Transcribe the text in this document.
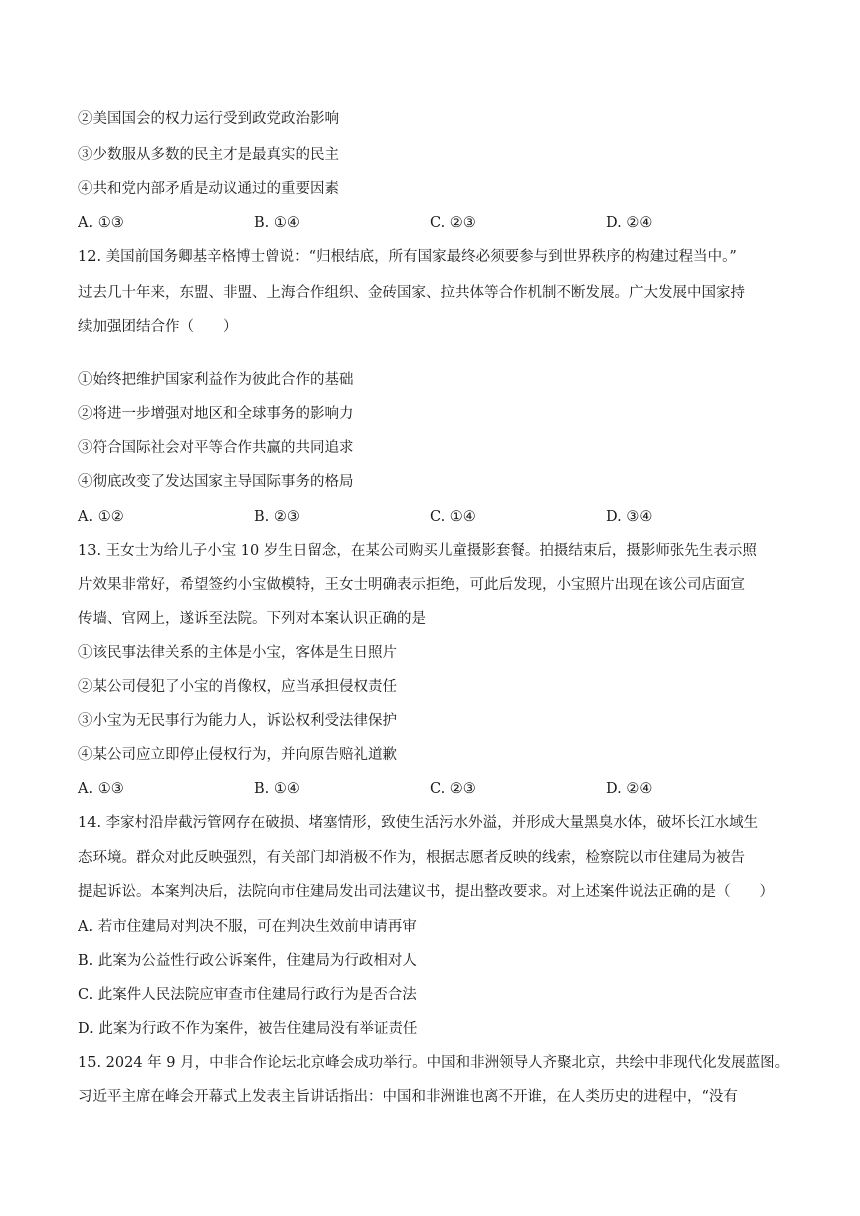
②美国国会的权力运行受到政党政治影响
③少数服从多数的民主才是最真实的民主
④共和党内部矛盾是动议通过的重要因素
A. ①③	B. ①④	C. ②③	D. ②④
12. 美国前国务卿基辛格博士曾说：“归根结底，所有国家最终必须要参与到世界秩序的构建过程当中。”
过去几十年来，东盟、非盟、上海合作组织、金砖国家、拉共体等合作机制不断发展。广大发展中国家持
续加强团结合作（　　）
①始终把维护国家利益作为彼此合作的基础
②将进一步增强对地区和全球事务的影响力
③符合国际社会对平等合作共赢的共同追求
④彻底改变了发达国家主导国际事务的格局
A. ①②	B. ②③	C. ①④	D. ③④
13. 王女士为给儿子小宝 10 岁生日留念，在某公司购买儿童摄影套餐。拍摄结束后，摄影师张先生表示照
片效果非常好，希望签约小宝做模特，王女士明确表示拒绝，可此后发现，小宝照片出现在该公司店面宣
传墙、官网上，遂诉至法院。下列对本案认识正确的是
①该民事法律关系的主体是小宝，客体是生日照片
②某公司侵犯了小宝的肖像权，应当承担侵权责任
③小宝为无民事行为能力人，诉讼权利受法律保护
④某公司应立即停止侵权行为，并向原告赔礼道歉
A. ①③	B. ①④	C. ②③	D. ②④
14. 李家村沿岸截污管网存在破损、堵塞情形，致使生活污水外溢，并形成大量黑臭水体，破坏长江水域生
态环境。群众对此反映强烈，有关部门却消极不作为，根据志愿者反映的线索，检察院以市住建局为被告
提起诉讼。本案判决后，法院向市住建局发出司法建议书，提出整改要求。对上述案件说法正确的是（　　）
A. 若市住建局对判决不服，可在判决生效前申请再审
B. 此案为公益性行政公诉案件，住建局为行政相对人
C. 此案件人民法院应审查市住建局行政行为是否合法
D. 此案为行政不作为案件，被告住建局没有举证责任
15. 2024 年 9 月，中非合作论坛北京峰会成功举行。中国和非洲领导人齐聚北京，共绘中非现代化发展蓝图。
习近平主席在峰会开幕式上发表主旨讲话指出：中国和非洲谁也离不开谁，在人类历史的进程中，“没有
